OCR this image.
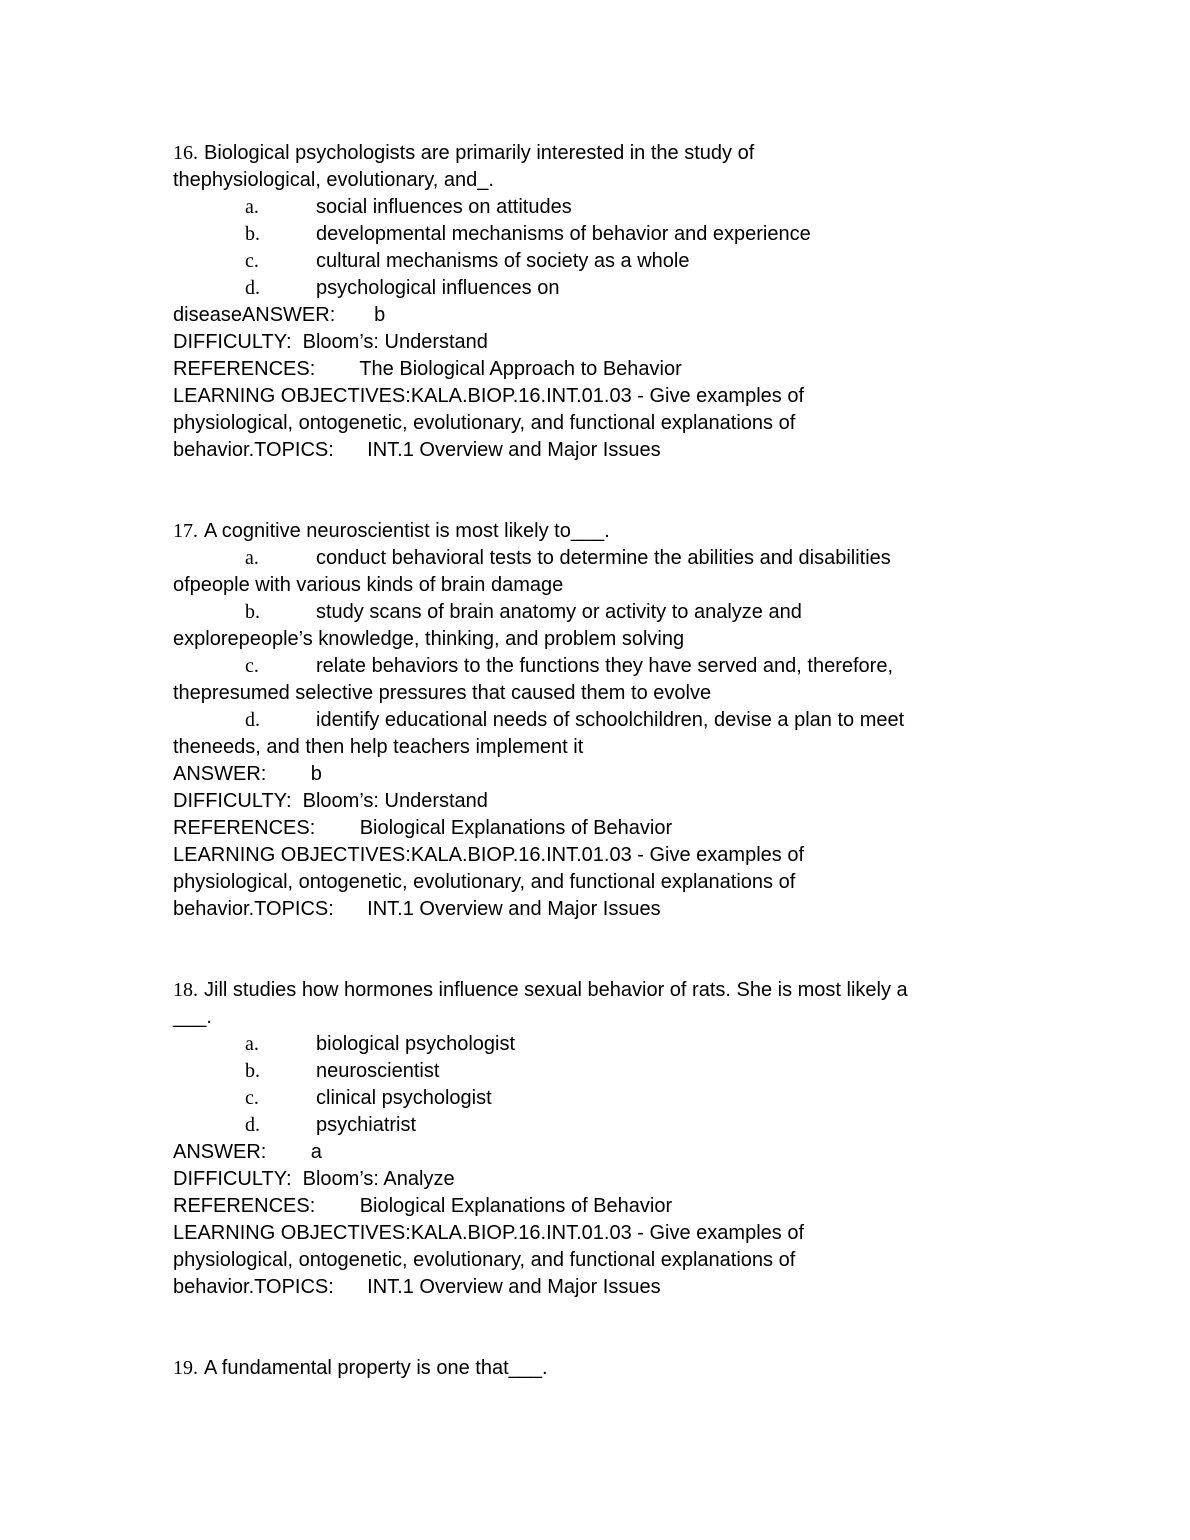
16. Biological psychologists are primarily interested in the study of
thephysiological, evolutionary, and_.
a.	social influences on attitudes
b.	developmental mechanisms of behavior and experience
c.	cultural mechanisms of society as a whole
d.	psychological influences on
diseaseANSWER:       b
DIFFICULTY:  Bloom’s: Understand
REFERENCES:        The Biological Approach to Behavior
LEARNING OBJECTIVES:KALA.BIOP.16.INT.01.03 - Give examples of
physiological, ontogenetic, evolutionary, and functional explanations of
behavior.TOPICS:      INT.1 Overview and Major Issues
17. A cognitive neuroscientist is most likely to___.
a.	conduct behavioral tests to determine the abilities and disabilities
ofpeople with various kinds of brain damage
b.	study scans of brain anatomy or activity to analyze and
explorepeople’s knowledge, thinking, and problem solving
c.	relate behaviors to the functions they have served and, therefore,
thepresumed selective pressures that caused them to evolve
d.	identify educational needs of schoolchildren, devise a plan to meet
theneeds, and then help teachers implement it
ANSWER:        b
DIFFICULTY:  Bloom’s: Understand
REFERENCES:        Biological Explanations of Behavior
LEARNING OBJECTIVES:KALA.BIOP.16.INT.01.03 - Give examples of
physiological, ontogenetic, evolutionary, and functional explanations of
behavior.TOPICS:      INT.1 Overview and Major Issues
18. Jill studies how hormones influence sexual behavior of rats. She is most likely a
___.
a.	biological psychologist
b.	neuroscientist
c.	clinical psychologist
d.	psychiatrist
ANSWER:        a
DIFFICULTY:  Bloom’s: Analyze
REFERENCES:        Biological Explanations of Behavior
LEARNING OBJECTIVES:KALA.BIOP.16.INT.01.03 - Give examples of
physiological, ontogenetic, evolutionary, and functional explanations of
behavior.TOPICS:      INT.1 Overview and Major Issues
19. A fundamental property is one that___.
